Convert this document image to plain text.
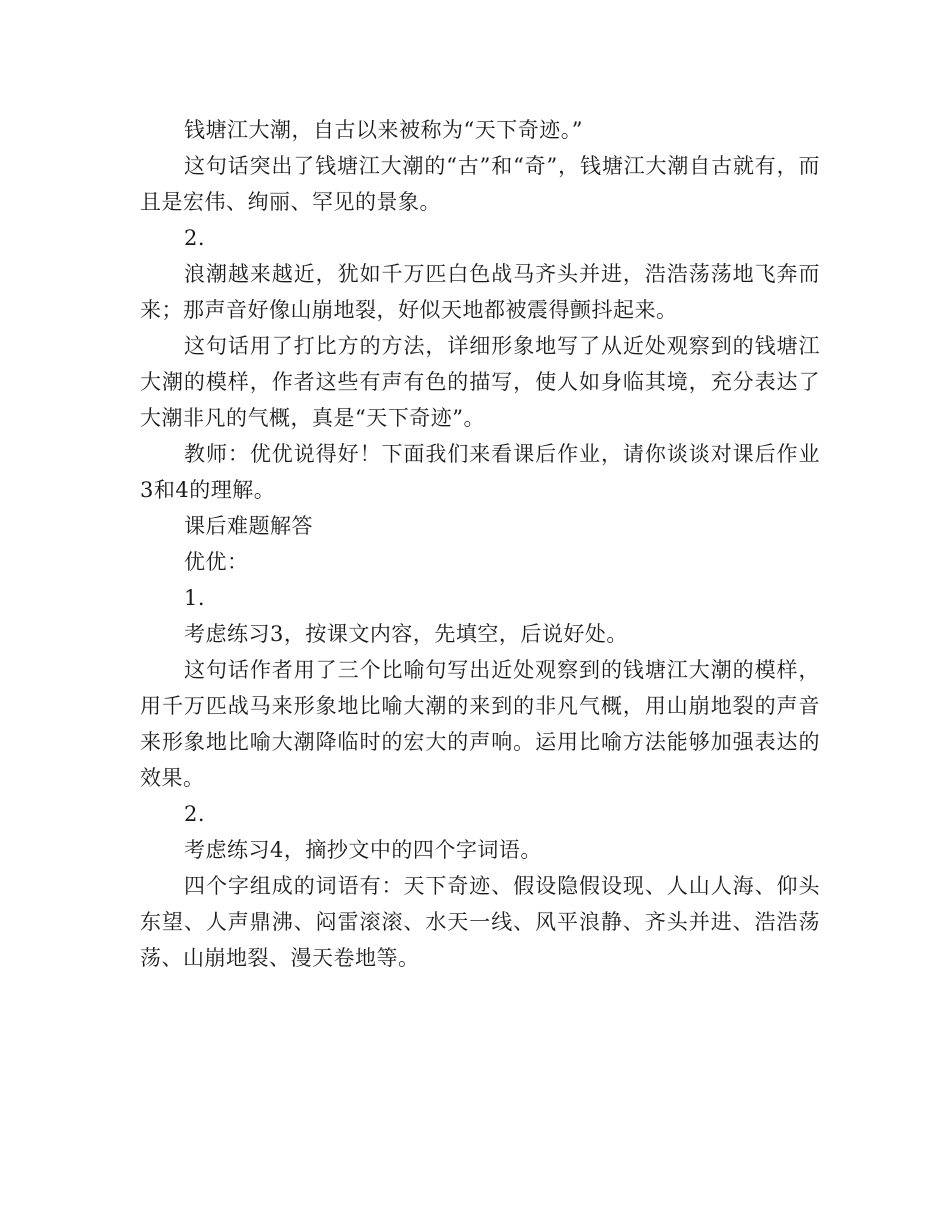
钱塘江大潮，自古以来被称为“天下奇迹。”

这句话突出了钱塘江大潮的“古”和“奇”，钱塘江大潮自古就有，而且是宏伟、绚丽、罕见的景象。

2.

浪潮越来越近，犹如千万匹白色战马齐头并进，浩浩荡荡地飞奔而来；那声音好像山崩地裂，好似天地都被震得颤抖起来。

这句话用了打比方的方法，详细形象地写了从近处观察到的钱塘江大潮的模样，作者这些有声有色的描写，使人如身临其境，充分表达了大潮非凡的气概，真是“天下奇迹”。

教师：优优说得好！下面我们来看课后作业，请你谈谈对课后作业3和4的理解。

课后难题解答

优优：

1.

考虑练习3，按课文内容，先填空，后说好处。

这句话作者用了三个比喻句写出近处观察到的钱塘江大潮的模样，用千万匹战马来形象地比喻大潮的来到的非凡气概，用山崩地裂的声音来形象地比喻大潮降临时的宏大的声响。运用比喻方法能够加强表达的效果。

2.

考虑练习4，摘抄文中的四个字词语。

四个字组成的词语有：天下奇迹、假设隐假设现、人山人海、仰头东望、人声鼎沸、闷雷滚滚、水天一线、风平浪静、齐头并进、浩浩荡荡、山崩地裂、漫天卷地等。
